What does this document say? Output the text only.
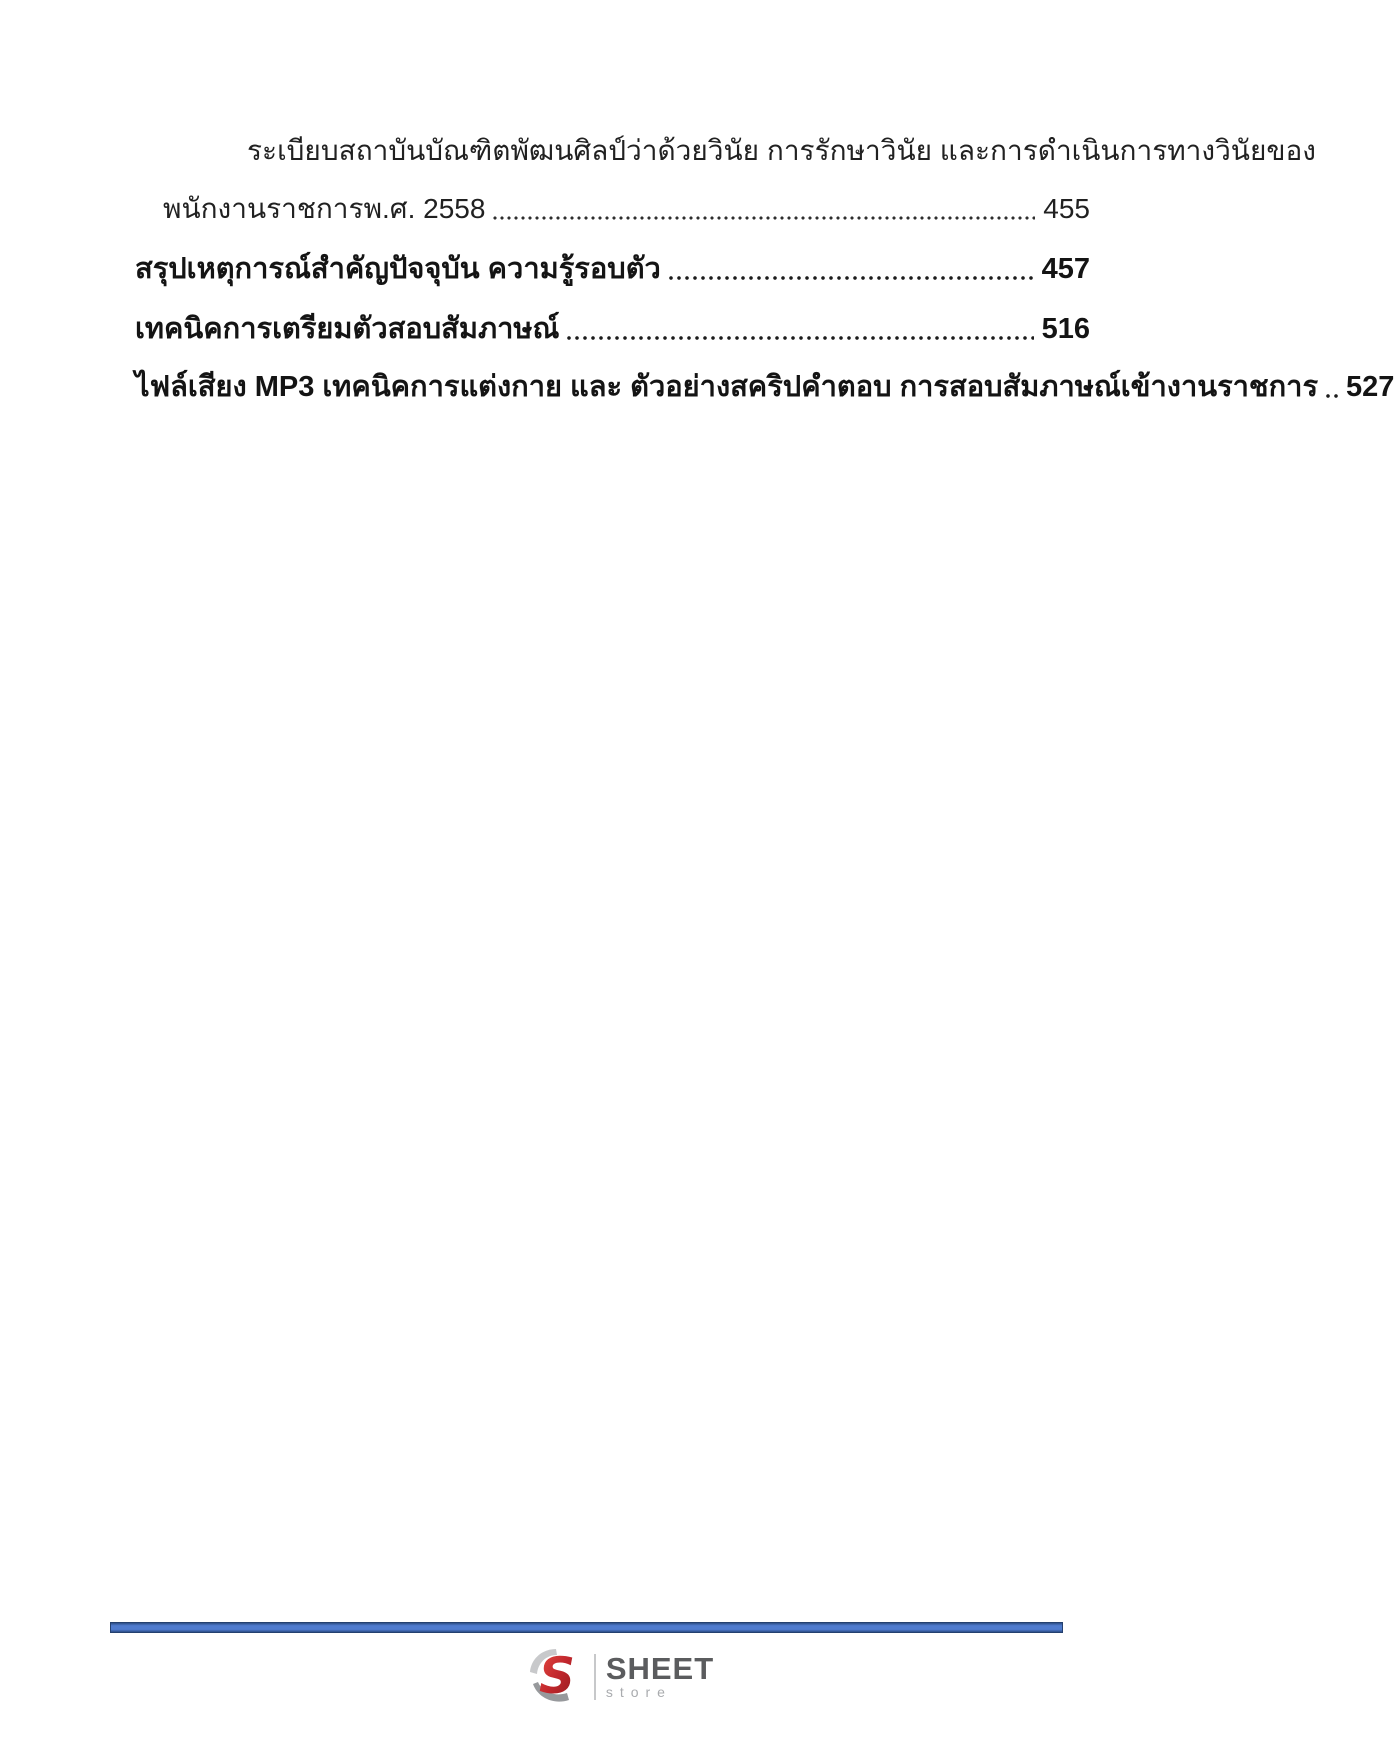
ระเบียบสถาบันบัณฑิตพัฒนศิลป์ว่าด้วยวินัย การรักษาวินัย และการดำเนินการทางวินัยของ
พนักงานราชการพ.ศ. 2558	455
สรุปเหตุการณ์สำคัญปัจจุบัน ความรู้รอบตัว	457
เทคนิคการเตรียมตัวสอบสัมภาษณ์	516
ไฟล์เสียง MP3 เทคนิคการแต่งกาย และ ตัวอย่างสคริปคำตอบ การสอบสัมภาษณ์เข้างานราชการ 527
S SHEET
store
